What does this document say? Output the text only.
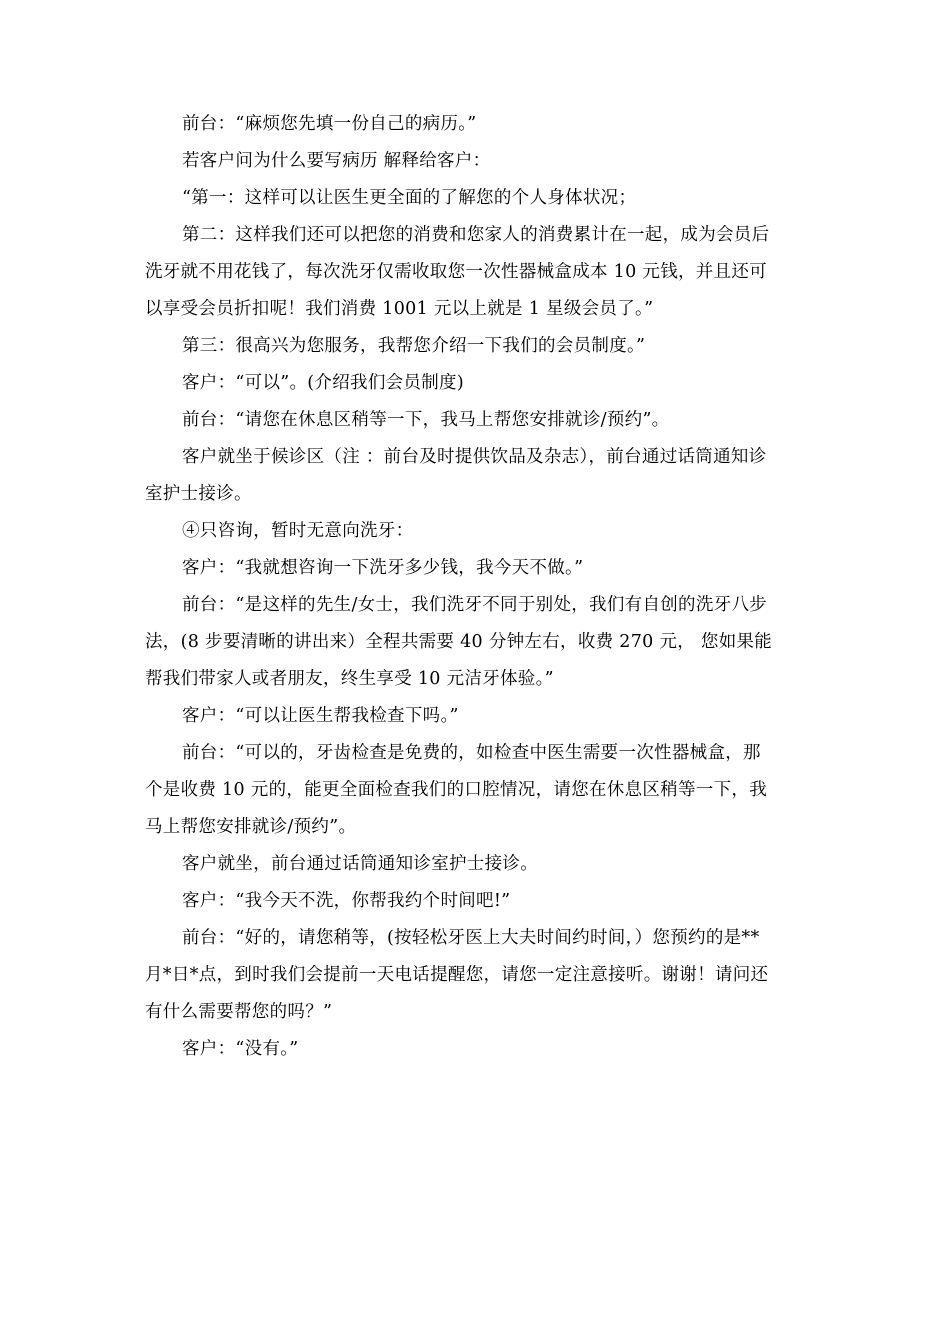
前台：“麻烦您先填一份自己的病历。”

若客户问为什么要写病历 解释给客户：

“第一：这样可以让医生更全面的了解您的个人身体状况；

第二：这样我们还可以把您的消费和您家人的消费累计在一起，成为会员后
洗牙就不用花钱了，每次洗牙仅需收取您一次性器械盒成本 10 元钱，并且还可
以享受会员折扣呢！我们消费 1001 元以上就是 1 星级会员了。”

第三：很高兴为您服务，我帮您介绍一下我们的会员制度。”

客户：“可以”。(介绍我们会员制度)

前台：“请您在休息区稍等一下，我马上帮您安排就诊/预约”。

客户就坐于候诊区（注 ：前台及时提供饮品及杂志），前台通过话筒通知诊
室护士接诊。

④只咨询，暂时无意向洗牙：

客户：“我就想咨询一下洗牙多少钱，我今天不做。”

前台：“是这样的先生/女士，我们洗牙不同于别处，我们有自创的洗牙八步
法，(8 步要清晰的讲出来）全程共需要 40 分钟左右，收费 270 元， 您如果能
帮我们带家人或者朋友，终生享受 10 元洁牙体验。”

客户：“可以让医生帮我检查下吗。”

前台：“可以的，牙齿检查是免费的，如检查中医生需要一次性器械盒，那
个是收费 10 元的，能更全面检查我们的口腔情况，请您在休息区稍等一下，我
马上帮您安排就诊/预约”。

客户就坐，前台通过话筒通知诊室护士接诊。

客户：“我今天不洗，你帮我约个时间吧!”

前台：“好的，请您稍等，(按轻松牙医上大夫时间约时间，）您预约的是**
月*日*点，到时我们会提前一天电话提醒您，请您一定注意接听。谢谢！请问还
有什么需要帮您的吗？”

客户：“没有。”
